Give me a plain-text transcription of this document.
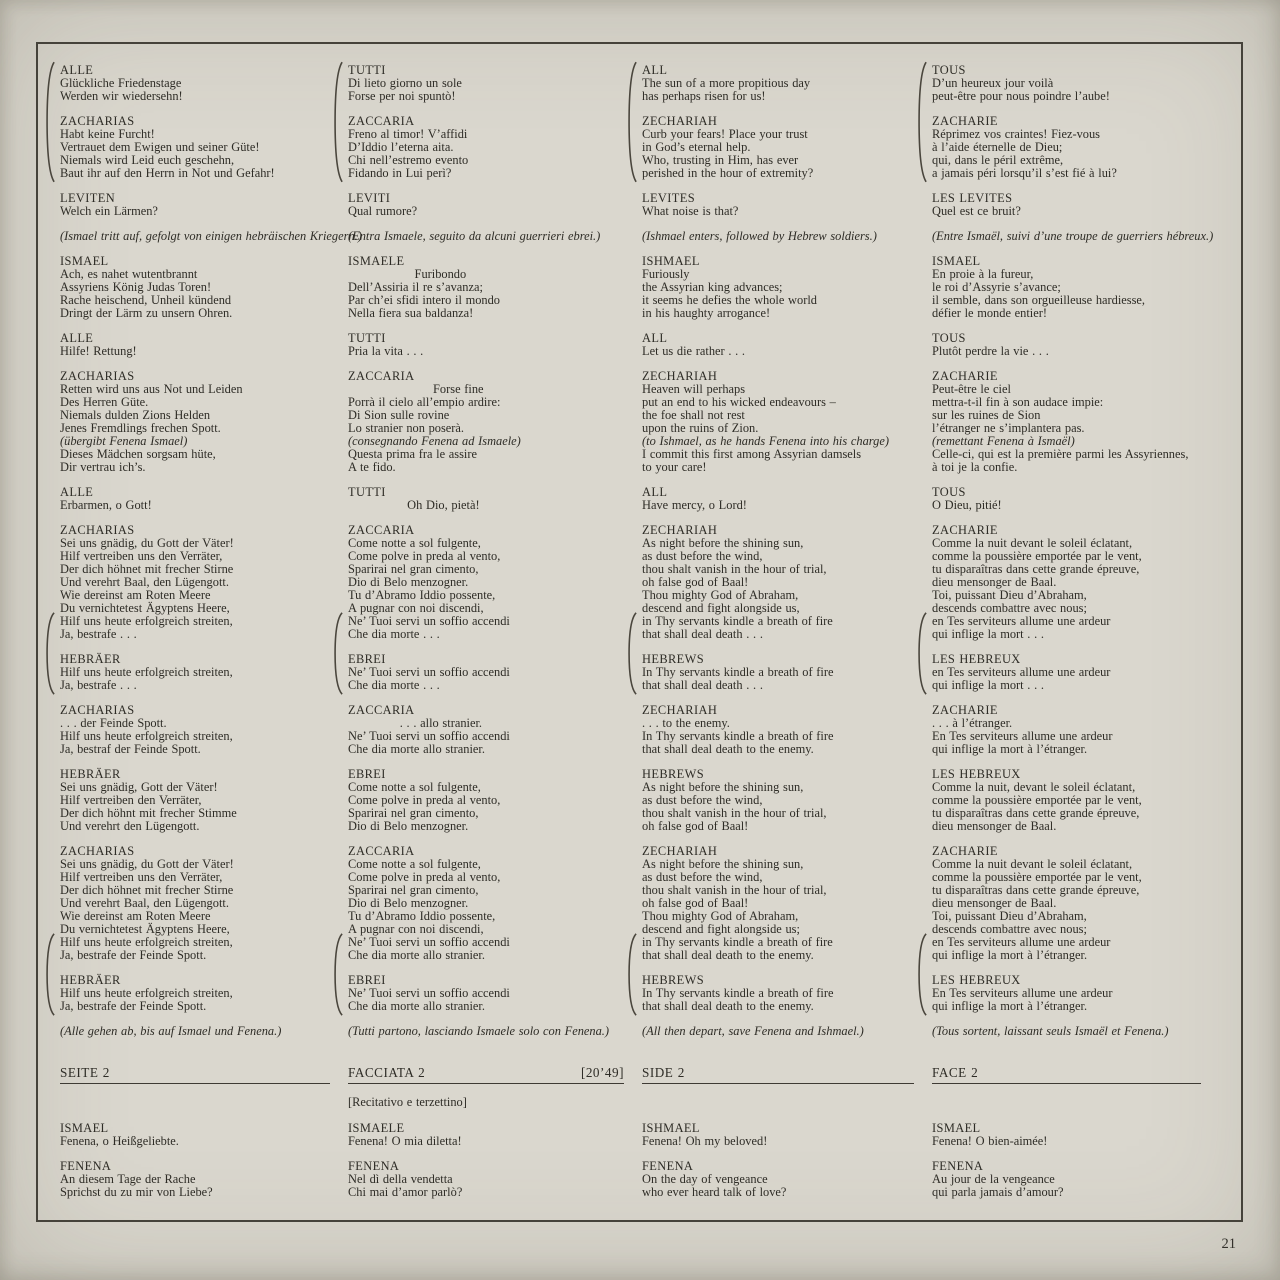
ALLE
Glückliche Friedenstage
Werden wir wiedersehn!
ZACHARIAS
Habt keine Furcht!
Vertrauet dem Ewigen und seiner Güte!
Niemals wird Leid euch geschehn,
Baut ihr auf den Herrn in Not und Gefahr!
LEVITEN
Welch ein Lärmen?
(Ismael tritt auf, gefolgt von einigen hebräischen Kriegern.)
ISMAEL
Ach, es nahet wutentbrannt
Assyriens König Judas Toren!
Rache heischend, Unheil kündend
Dringt der Lärm zu unsern Ohren.
ALLE
Hilfe! Rettung!
ZACHARIAS
Retten wird uns aus Not und Leiden
Des Herren Güte.
Niemals dulden Zions Helden
Jenes Fremdlings frechen Spott.
(übergibt Fenena Ismael)
Dieses Mädchen sorgsam hüte,
Dir vertrau ich’s.
ALLE
Erbarmen, o Gott!
ZACHARIAS
Sei uns gnädig, du Gott der Väter!
Hilf vertreiben uns den Verräter,
Der dich höhnet mit frecher Stirne
Und verehrt Baal, den Lügengott.
Wie dereinst am Roten Meere
Du vernichtetest Ägyptens Heere,
Hilf uns heute erfolgreich streiten,
Ja, bestrafe . . .
HEBRÄER
Hilf uns heute erfolgreich streiten,
Ja, bestrafe . . .
ZACHARIAS
. . . der Feinde Spott.
Hilf uns heute erfolgreich streiten,
Ja, bestraf der Feinde Spott.
HEBRÄER
Sei uns gnädig, Gott der Väter!
Hilf vertreiben den Verräter,
Der dich höhnt mit frecher Stimme
Und verehrt den Lügengott.
ZACHARIAS
Sei uns gnädig, du Gott der Väter!
Hilf vertreiben uns den Verräter,
Der dich höhnet mit frecher Stirne
Und verehrt Baal, den Lügengott.
Wie dereinst am Roten Meere
Du vernichtetest Ägyptens Heere,
Hilf uns heute erfolgreich streiten,
Ja, bestrafe der Feinde Spott.
HEBRÄER
Hilf uns heute erfolgreich streiten,
Ja, bestrafe der Feinde Spott.
(Alle gehen ab, bis auf Ismael und Fenena.)
SEITE 2
ISMAEL
Fenena, o Heißgeliebte.
FENENA
An diesem Tage der Rache
Sprichst du zu mir von Liebe?
TUTTI
Di lieto giorno un sole
Forse per noi spuntò!
ZACCARIA
Freno al timor! V’affidi
D’Iddio l’eterna aita.
Chi nell’estremo evento
Fidando in Lui perì?
LEVITI
Qual rumore?
(Entra Ismaele, seguito da alcuni guerrieri ebrei.)
ISMAELE
Furibondo
Dell’Assiria il re s’avanza;
Par ch’ei sfidi intero il mondo
Nella fiera sua baldanza!
TUTTI
Pria la vita . . .
ZACCARIA
Forse fine
Porrà il cielo all’empio ardire:
Di Sion sulle rovine
Lo stranier non poserà.
(consegnando Fenena ad Ismaele)
Questa prima fra le assire
A te fido.
TUTTI
Oh Dio, pietà!
ZACCARIA
Come notte a sol fulgente,
Come polve in preda al vento,
Sparirai nel gran cimento,
Dio di Belo menzogner.
Tu d’Abramo Iddio possente,
A pugnar con noi discendi,
Ne’ Tuoi servi un soffio accendi
Che dia morte . . .
EBREI
Ne’ Tuoi servi un soffio accendi
Che dia morte . . .
ZACCARIA
. . . allo stranier.
Ne’ Tuoi servi un soffio accendi
Che dia morte allo stranier.
EBREI
Come notte a sol fulgente,
Come polve in preda al vento,
Sparirai nel gran cimento,
Dio di Belo menzogner.
ZACCARIA
Come notte a sol fulgente,
Come polve in preda al vento,
Sparirai nel gran cimento,
Dio di Belo menzogner.
Tu d’Abramo Iddio possente,
A pugnar con noi discendi,
Ne’ Tuoi servi un soffio accendi
Che dia morte allo stranier.
EBREI
Ne’ Tuoi servi un soffio accendi
Che dia morte allo stranier.
(Tutti partono, lasciando Ismaele solo con Fenena.)
FACCIATA 2	[20’49]
[Recitativo e terzettino]
ISMAELE
Fenena! O mia diletta!
FENENA
Nel dì della vendetta
Chi mai d’amor parlò?
ALL
The sun of a more propitious day
has perhaps risen for us!
ZECHARIAH
Curb your fears! Place your trust
in God’s eternal help.
Who, trusting in Him, has ever
perished in the hour of extremity?
LEVITES
What noise is that?
(Ishmael enters, followed by Hebrew soldiers.)
ISHMAEL
Furiously
the Assyrian king advances;
it seems he defies the whole world
in his haughty arrogance!
ALL
Let us die rather . . .
ZECHARIAH
Heaven will perhaps
put an end to his wicked endeavours –
the foe shall not rest
upon the ruins of Zion.
(to Ishmael, as he hands Fenena into his charge)
I commit this first among Assyrian damsels
to your care!
ALL
Have mercy, o Lord!
ZECHARIAH
As night before the shining sun,
as dust before the wind,
thou shalt vanish in the hour of trial,
oh false god of Baal!
Thou mighty God of Abraham,
descend and fight alongside us,
in Thy servants kindle a breath of fire
that shall deal death . . .
HEBREWS
In Thy servants kindle a breath of fire
that shall deal death . . .
ZECHARIAH
. . . to the enemy.
In Thy servants kindle a breath of fire
that shall deal death to the enemy.
HEBREWS
As night before the shining sun,
as dust before the wind,
thou shalt vanish in the hour of trial,
oh false god of Baal!
ZECHARIAH
As night before the shining sun,
as dust before the wind,
thou shalt vanish in the hour of trial,
oh false god of Baal!
Thou mighty God of Abraham,
descend and fight alongside us;
in Thy servants kindle a breath of fire
that shall deal death to the enemy.
HEBREWS
In Thy servants kindle a breath of fire
that shall deal death to the enemy.
(All then depart, save Fenena and Ishmael.)
SIDE 2
ISHMAEL
Fenena! Oh my beloved!
FENENA
On the day of vengeance
who ever heard talk of love?
TOUS
D’un heureux jour voilà
peut-être pour nous poindre l’aube!
ZACHARIE
Réprimez vos craintes! Fiez-vous
à l’aide éternelle de Dieu;
qui, dans le péril extrême,
a jamais péri lorsqu’il s’est fié à lui?
LES LEVITES
Quel est ce bruit?
(Entre Ismaël, suivi d’une troupe de guerriers hébreux.)
ISMAEL
En proie à la fureur,
le roi d’Assyrie s’avance;
il semble, dans son orgueilleuse hardiesse,
défier le monde entier!
TOUS
Plutôt perdre la vie . . .
ZACHARIE
Peut-être le ciel
mettra-t-il fin à son audace impie:
sur les ruines de Sion
l’étranger ne s’implantera pas.
(remettant Fenena à Ismaël)
Celle-ci, qui est la première parmi les Assyriennes,
à toi je la confie.
TOUS
O Dieu, pitié!
ZACHARIE
Comme la nuit devant le soleil éclatant,
comme la poussière emportée par le vent,
tu disparaîtras dans cette grande épreuve,
dieu mensonger de Baal.
Toi, puissant Dieu d’Abraham,
descends combattre avec nous;
en Tes serviteurs allume une ardeur
qui inflige la mort . . .
LES HEBREUX
en Tes serviteurs allume une ardeur
qui inflige la mort . . .
ZACHARIE
. . . à l’étranger.
En Tes serviteurs allume une ardeur
qui inflige la mort à l’étranger.
LES HEBREUX
Comme la nuit, devant le soleil éclatant,
comme la poussière emportée par le vent,
tu disparaîtras dans cette grande épreuve,
dieu mensonger de Baal.
ZACHARIE
Comme la nuit devant le soleil éclatant,
comme la poussière emportée par le vent,
tu disparaîtras dans cette grande épreuve,
dieu mensonger de Baal.
Toi, puissant Dieu d’Abraham,
descends combattre avec nous;
en Tes serviteurs allume une ardeur
qui inflige la mort à l’étranger.
LES HEBREUX
En Tes serviteurs allume une ardeur
qui inflige la mort à l’étranger.
(Tous sortent, laissant seuls Ismaël et Fenena.)
FACE 2
ISMAEL
Fenena! O bien-aimée!
FENENA
Au jour de la vengeance
qui parla jamais d’amour?
21
